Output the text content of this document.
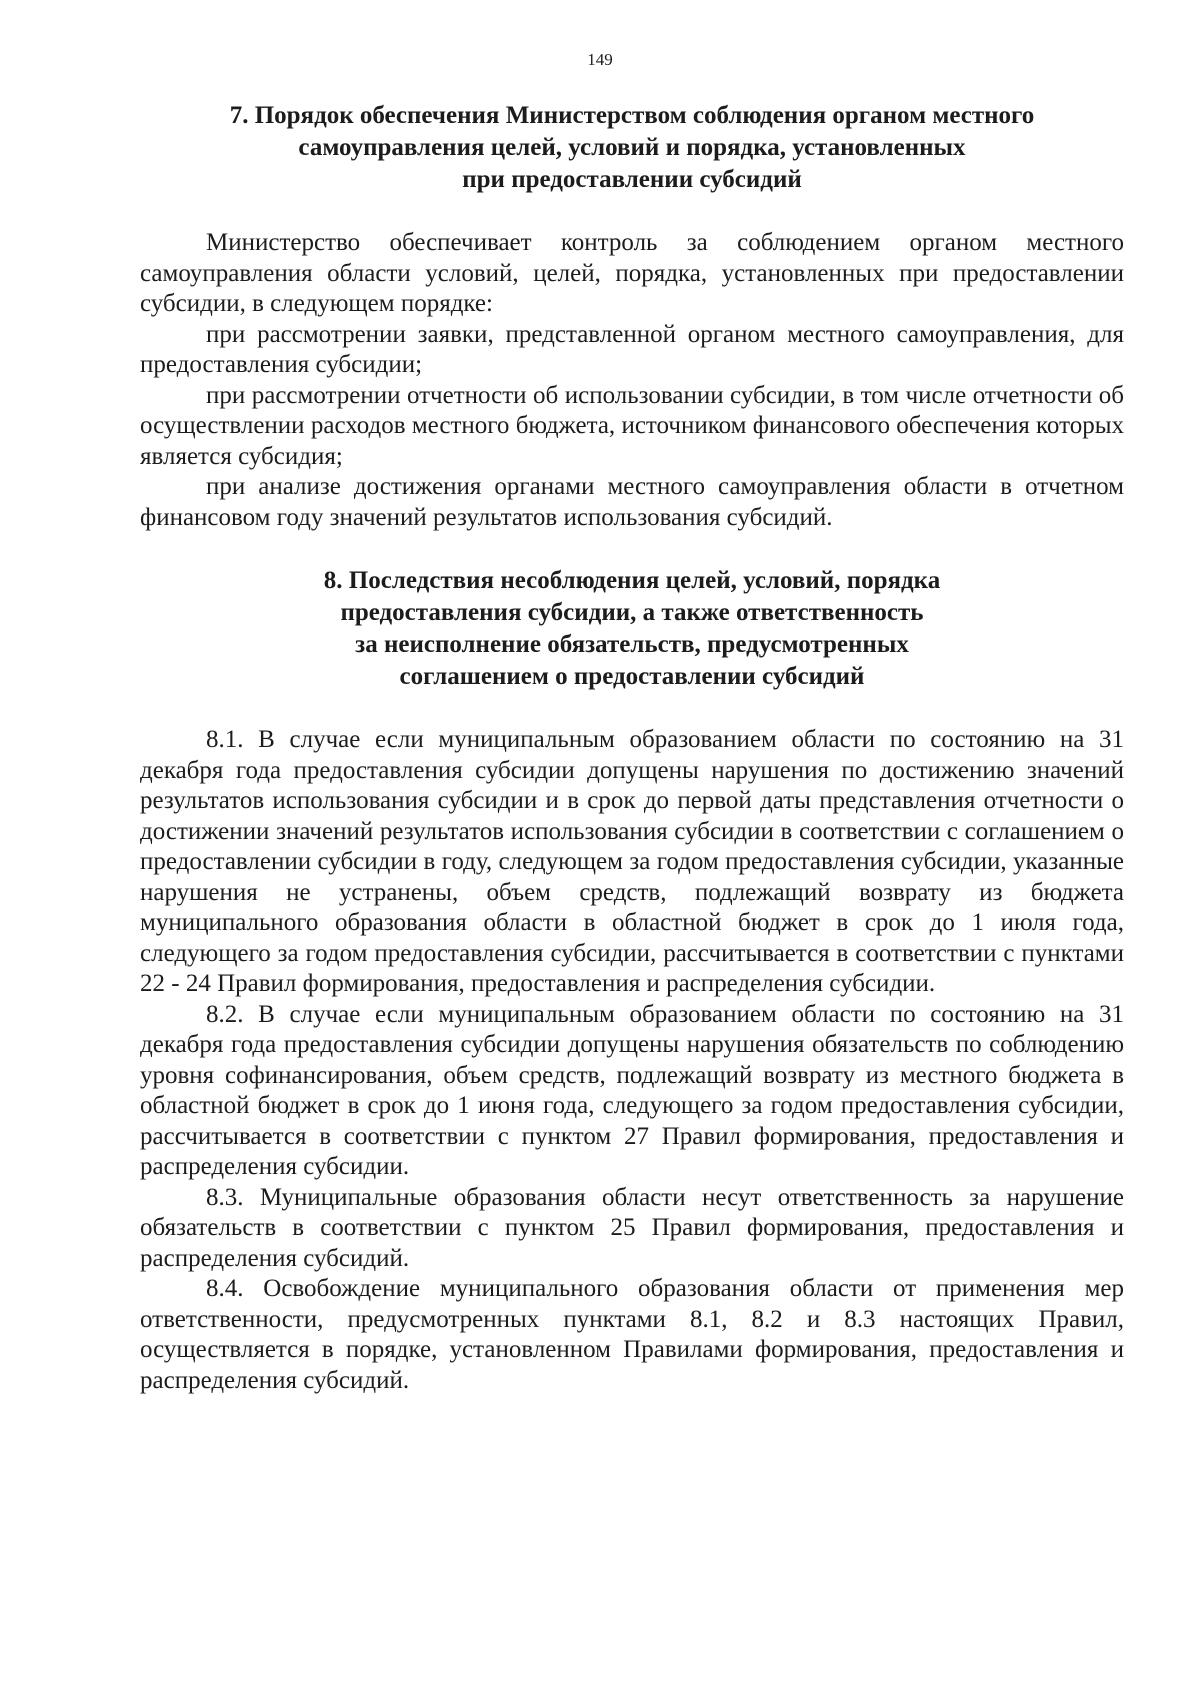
149
7. Порядок обеспечения Министерством соблюдения органом местного
самоуправления целей, условий и порядка, установленных
при предоставлении субсидий

Министерство обеспечивает контроль за соблюдением органом местного самоуправления области условий, целей, порядка, установленных при предоставлении субсидии, в следующем порядке:

при рассмотрении заявки, представленной органом местного самоуправления, для предоставления субсидии;

при рассмотрении отчетности об использовании субсидии, в том числе отчетности об осуществлении расходов местного бюджета, источником финансового обеспечения которых является субсидия;

при анализе достижения органами местного самоуправления области в отчетном финансовом году значений результатов использования субсидий.

8. Последствия несоблюдения целей, условий, порядка
предоставления субсидии, а также ответственность
за неисполнение обязательств, предусмотренных
соглашением о предоставлении субсидий

8.1. В случае если муниципальным образованием области по состоянию на 31 декабря года предоставления субсидии допущены нарушения по достижению значений результатов использования субсидии и в срок до первой даты представления отчетности о достижении значений результатов использования субсидии в соответствии с соглашением о предоставлении субсидии в году, следующем за годом предоставления субсидии, указанные нарушения не устранены, объем средств, подлежащий возврату из бюджета муниципального образования области в областной бюджет в срок до 1 июля года, следующего за годом предоставления субсидии, рассчитывается в соответствии с пунктами 22 - 24 Правил формирования, предоставления и распределения субсидии.

8.2. В случае если муниципальным образованием области по состоянию на 31 декабря года предоставления субсидии допущены нарушения обязательств по соблюдению уровня софинансирования, объем средств, подлежащий возврату из местного бюджета в областной бюджет в срок до 1 июня года, следующего за годом предоставления субсидии, рассчитывается в соответствии с пунктом 27 Правил формирования, предоставления и распределения субсидии.

8.3. Муниципальные образования области несут ответственность за нарушение обязательств в соответствии с пунктом 25 Правил формирования, предоставления и распределения субсидий.

8.4. Освобождение муниципального образования области от применения мер ответственности, предусмотренных пунктами 8.1, 8.2 и 8.3 настоящих Правил, осуществляется в порядке, установленном Правилами формирования, предоставления и распределения субсидий.
